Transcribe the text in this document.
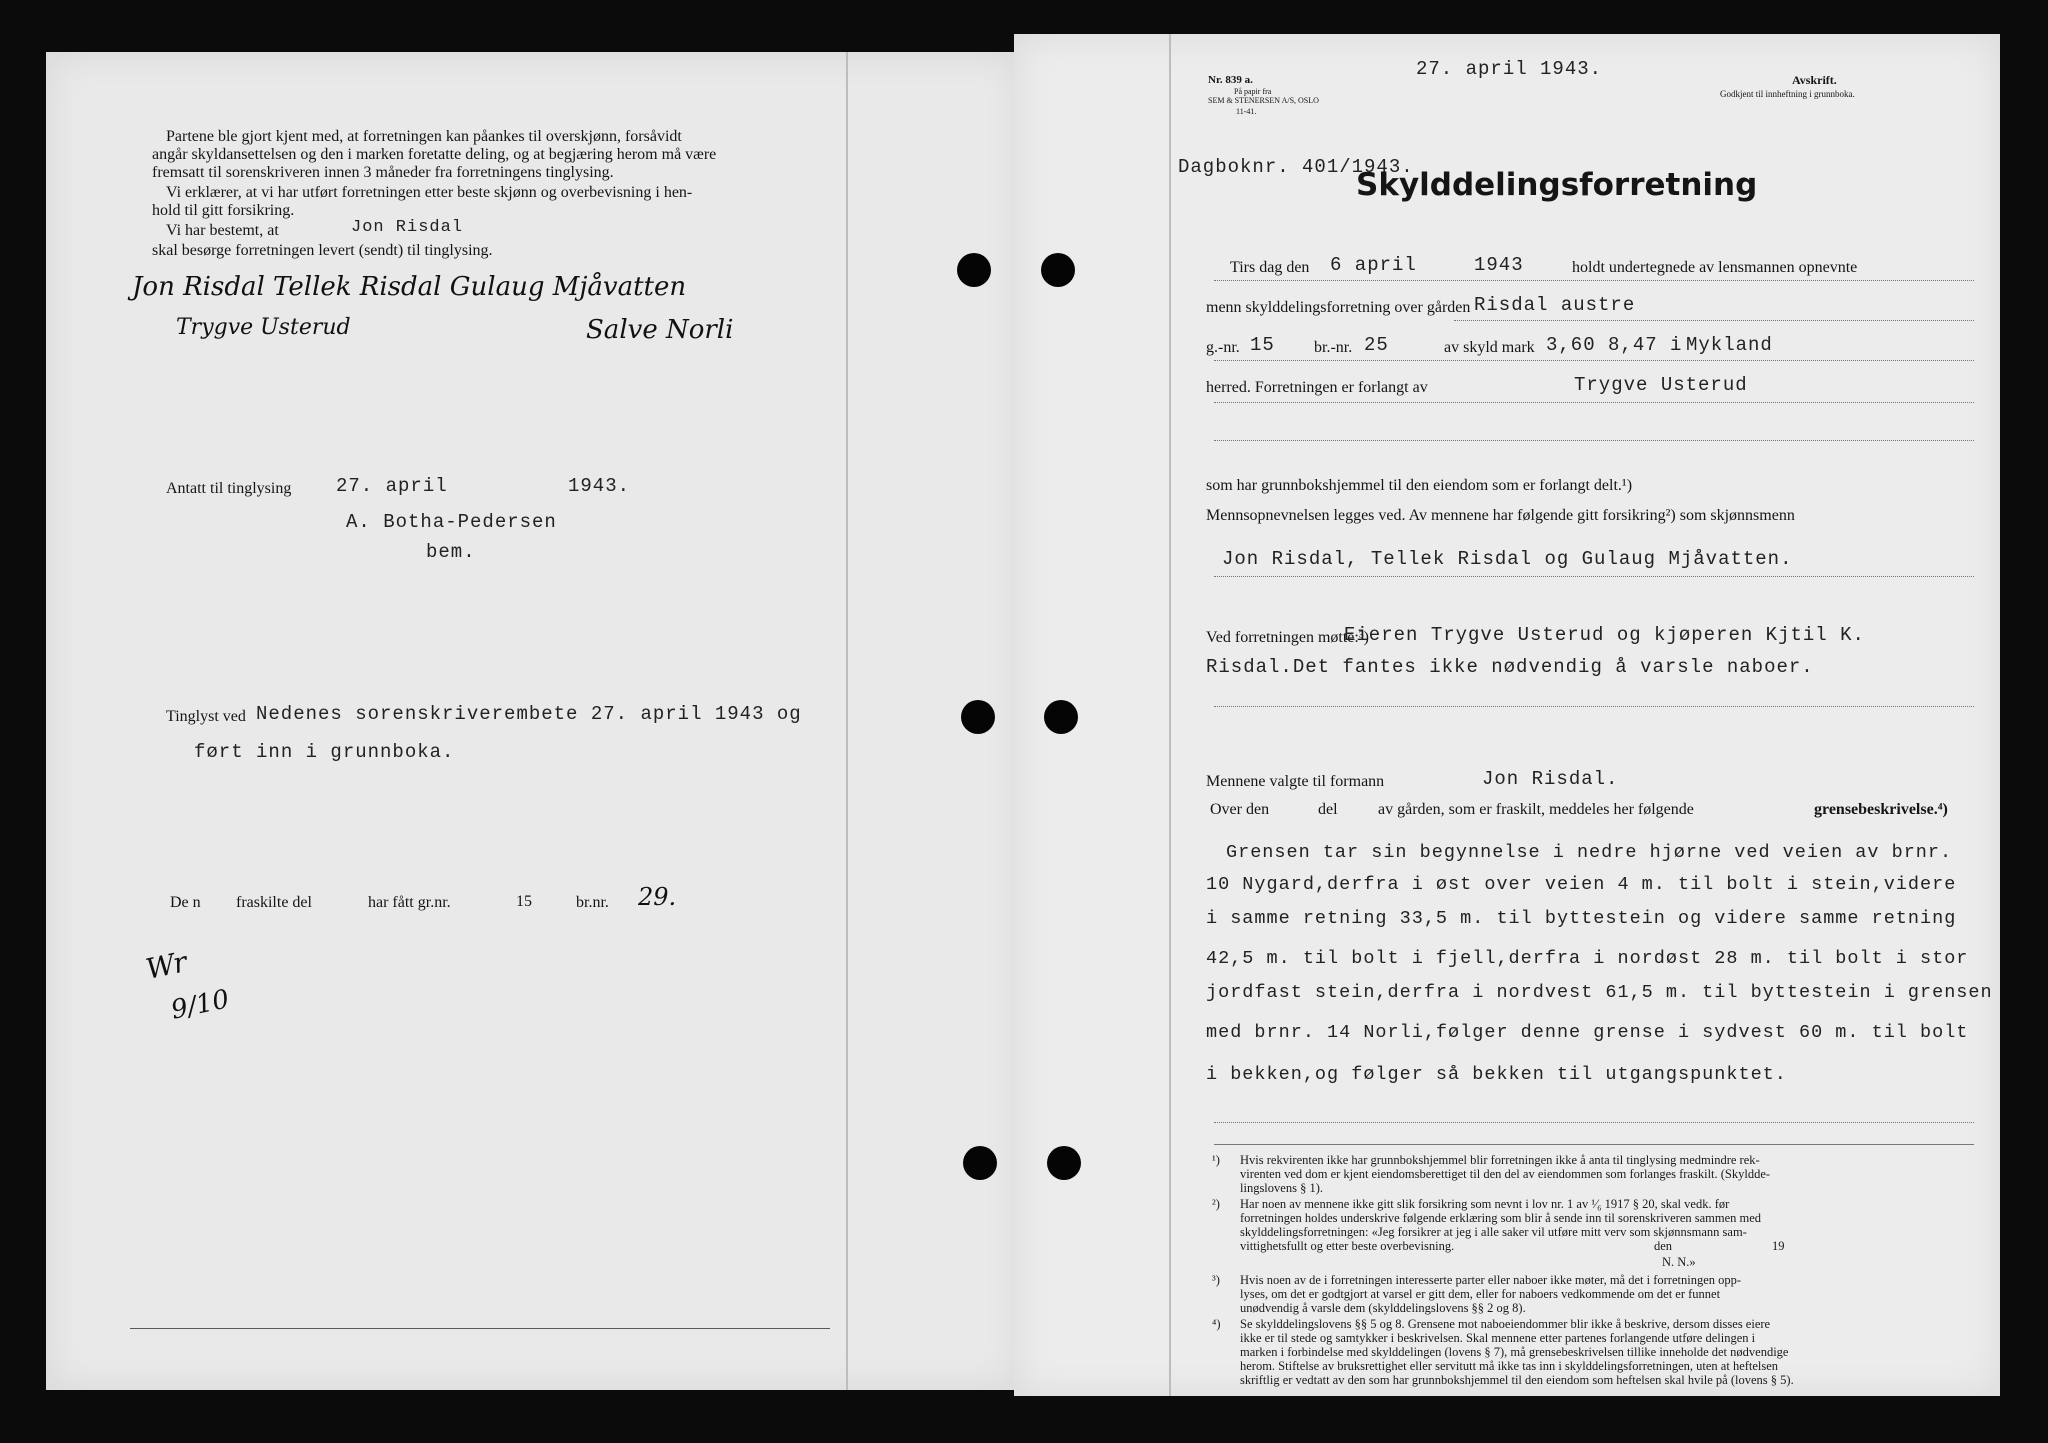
Partene ble gjort kjent med, at forretningen kan påankes til overskjønn, forsåvidt
angår skyldansettelsen og den i marken foretatte deling, og at begjæring herom må være
fremsatt til sorenskriveren innen 3 måneder fra forretningens tinglysing.
Vi erklærer, at vi har utført forretningen etter beste skjønn og overbevisning i hen-
hold til gitt forsikring.
Vi har bestemt, at	Jon Risdal
skal besørge forretningen levert (sendt) til tinglysing.
Jon Risdal Tellek Risdal Gulaug Mjåvatten
Trygve Usterud	Salve Norli
Antatt til tinglysing 27. april	1943.
A. Botha-Pedersen
bem.
Tinglyst ved Nedenes sorenskriverembete 27. april 1943 og
ført inn i grunnboka.
De n fraskilte del	har fått gr.nr.	15	br.nr. 29.
Wr
9/10
Nr. 839 a.
På papir fra
SEM & STENERSEN A/S, OSLO
11-41.
27. april 1943.	Avskrift.
Godkjent til innheftning i grunnboka.
Dagboknr. 401/1943.
Skylddelingsforretning
Tirs dag den 6 april	1943	holdt undertegnede av lensmannen opnevnte
menn skylddelingsforretning over gården Risdal austre
g.-nr. 15 br.-nr. 25	av skyld mark 3,60 8,47 i Mykland
herred. Forretningen er forlangt av	Trygve Usterud
som har grunnbokshjemmel til den eiendom som er forlangt delt.¹)
Mennsopnevnelsen legges ved. Av mennene har følgende gitt forsikring²) som skjønnsmenn
Jon Risdal, Tellek Risdal og Gulaug Mjåvatten.
Ved forretningen møtte:³)
Eieren Trygve Usterud og kjøperen Kjtil K.
Risdal.Det fantes ikke nødvendig å varsle naboer.
Mennene valgte til formann	Jon Risdal.
Over den	del	av gården, som er fraskilt, meddeles her følgende	grensebeskrivelse.⁴)
Grensen tar sin begynnelse i nedre hjørne ved veien av brnr.
10 Nygard,derfra i øst over veien 4 m. til bolt i stein,videre
i samme retning 33,5 m. til byttestein og videre samme retning
42,5 m. til bolt i fjell,derfra i nordøst 28 m. til bolt i stor
jordfast stein,derfra i nordvest 61,5 m. til byttestein i grensen
med brnr. 14 Norli,følger denne grense i sydvest 60 m. til bolt
i bekken,og følger så bekken til utgangspunktet.
¹) Hvis rekvirenten ikke har grunnbokshjemmel blir forretningen ikke å anta til tinglysing medmindre rek-
virenten ved dom er kjent eiendomsberettiget til den del av eiendommen som forlanges fraskilt. (Skyldde-
lingslovens § 1).
²) Har noen av mennene ikke gitt slik forsikring som nevnt i lov nr. 1 av ¹⁄₆ 1917 § 20, skal vedk. før
forretningen holdes underskrive følgende erklæring som blir å sende inn til sorenskriveren sammen med
skylddelingsforretningen: «Jeg forsikrer at jeg i alle saker vil utføre mitt verv som skjønnsmann sam-
vittighetsfullt og etter beste overbevisning.	den	19
N. N.»
³) Hvis noen av de i forretningen interesserte parter eller naboer ikke møter, må det i forretningen opp-
lyses, om det er godtgjort at varsel er gitt dem, eller for naboers vedkommende om det er funnet
unødvendig å varsle dem (skylddelingslovens §§ 2 og 8).
⁴) Se skylddelingslovens §§ 5 og 8. Grensene mot naboeiendommer blir ikke å beskrive, dersom disses eiere
ikke er til stede og samtykker i beskrivelsen. Skal mennene etter partenes forlangende utføre delingen i
marken i forbindelse med skylddelingen (lovens § 7), må grensebeskrivelsen tillike inneholde det nødvendige
herom. Stiftelse av bruksrettighet eller servitutt må ikke tas inn i skylddelingsforretningen, uten at heftelsen
skriftlig er vedtatt av den som har grunnbokshjemmel til den eiendom som heftelsen skal hvile på (lovens § 5).
